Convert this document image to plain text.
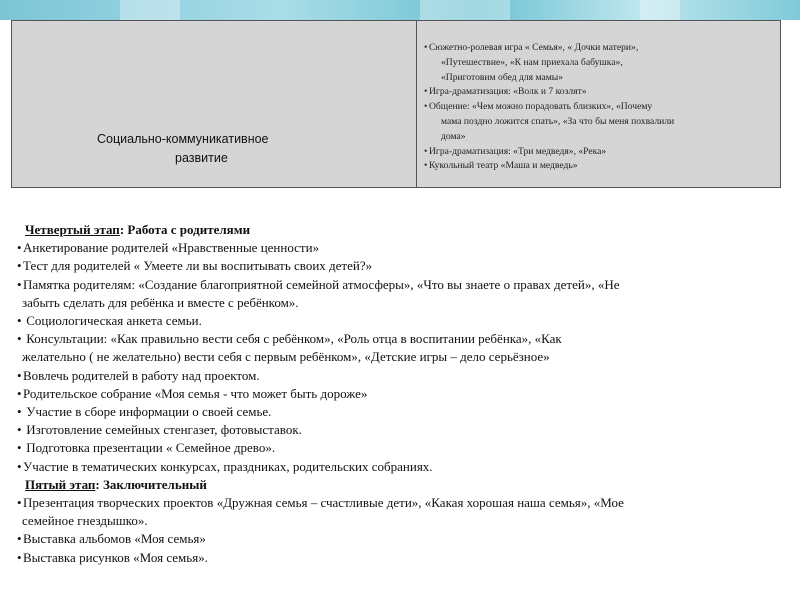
Социально-коммуникативное
развитие
• Сюжетно-ролевая игра « Семья», « Дочки матери»,
«Путешествие», «К нам приехала бабушка»,
«Приготовим обед для мамы»
• Игра-драматизация: «Волк и 7 козлят»
• Общение: «Чем можно порадовать близких», «Почему
мама поздно ложится спать», «За что бы меня похвалили
дома»
• Игра-драматизация: «Три медведя», «Река»
• Кукольный театр «Маша и медведь»
Четвертый этап: Работа с родителями
•Анкетирование родителей «Нравственные ценности»
•Тест для родителей « Умеете ли вы воспитывать своих детей?»
•Памятка родителям: «Создание благоприятной семейной атмосферы», «Что вы знаете о правах детей», «Не
забыть сделать для ребёнка и вместе с ребёнком».
• Социологическая анкета семьи.
• Консультации: «Как правильно вести себя с ребёнком», «Роль отца в воспитании ребёнка», «Как
желательно ( не желательно) вести себя с первым ребёнком», «Детские игры – дело серьёзное»
•Вовлечь родителей в работу над проектом.
•Родительское собрание «Моя семья - что может быть дороже»
• Участие в сборе информации о своей семье.
• Изготовление семейных стенгазет, фотовыставок.
• Подготовка презентации « Семейное древо».
•Участие в тематических конкурсах, праздниках, родительских собраниях.
Пятый этап: Заключительный
•Презентация творческих проектов «Дружная семья – счастливые дети», «Какая хорошая наша семья», «Мое
семейное гнездышко».
•Выставка альбомов «Моя семья»
•Выставка рисунков «Моя семья».
